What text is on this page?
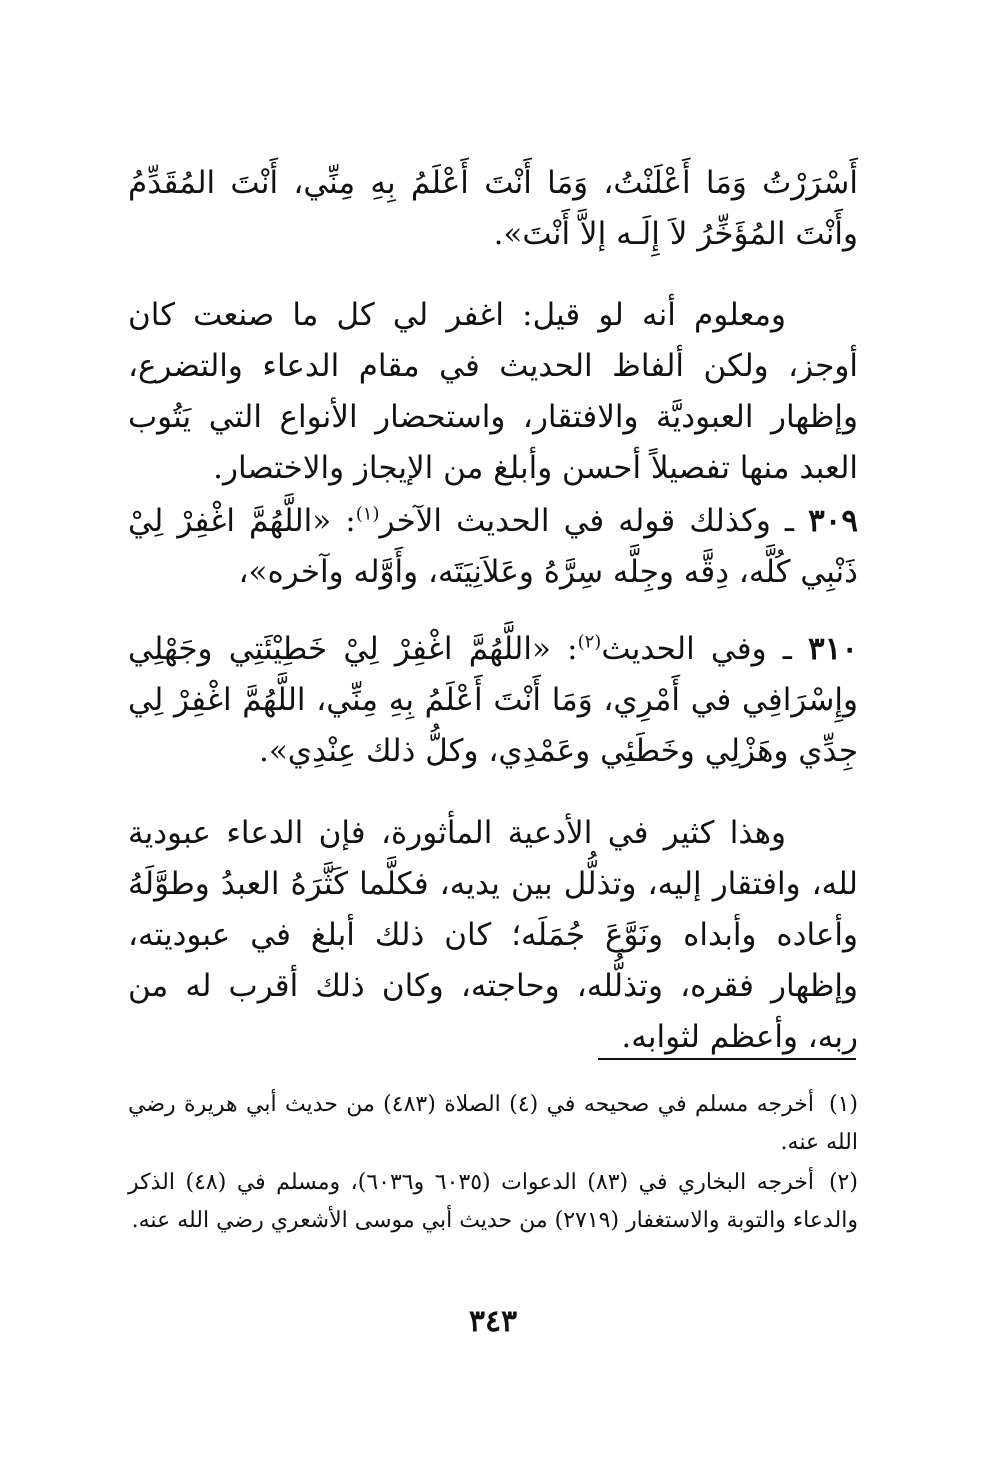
أَسْرَرْتُ وَمَا أَعْلَنْتُ، وَمَا أَنْتَ أَعْلَمُ بِهِ مِنِّي، أَنْتَ المُقَدِّمُ وأَنْتَ المُؤَخِّرُ لاَ إِلَـه إلاَّ أَنْتَ».

ومعلوم أنه لو قيل: اغفر لي كل ما صنعت كان أوجز، ولكن ألفاظ الحديث في مقام الدعاء والتضرع، وإظهار العبوديَّة والافتقار، واستحضار الأنواع التي يَتُوب العبد منها تفصيلاً أحسن وأبلغ من الإيجاز والاختصار.

٣٠٩ ـ وكذلك قوله في الحديث الآخر$^{(١)}$: «اللَّهُمَّ اغْفِرْ لِيْ ذَنْبِي كُلَّه، دِقَّه وجِلَّه سِرَّهُ وعَلاَنِيَتَه، وأَوَّله وآخره»،

٣١٠ ـ وفي الحديث$^{(٢)}$: «اللَّهُمَّ اغْفِرْ لِيْ خَطِيْئَتِي وجَهْلِي وإِسْرَافِي في أَمْرِي، وَمَا أَنْتَ أَعْلَمُ بِهِ مِنِّي، اللَّهُمَّ اغْفِرْ لِي جِدِّي وهَزْلِي وخَطَئِي وعَمْدِي، وكلُّ ذلك عِنْدِي».

وهذا كثير في الأدعية المأثورة، فإن الدعاء عبودية لله، وافتقار إليه، وتذلُّل بين يديه، فكلَّما كَثَّرَهُ العبدُ وطوَّلَهُ وأعاده وأبداه ونَوَّعَ جُمَلَه؛ كان ذلك أبلغ في عبوديته، وإظهار فقره، وتذلُّله، وحاجته، وكان ذلك أقرب له من ربه، وأعظم لثوابه.

(١)أخرجه مسلم في صحيحه في (٤) الصلاة (٤٨٣) من حديث أبي هريرة رضي الله عنه.
(٢)أخرجه البخاري في (٨٣) الدعوات (٦٠٣٥ و٦٠٣٦)، ومسلم في (٤٨) الذكر والدعاء والتوبة والاستغفار (٢٧١٩) من حديث أبي موسى الأشعري رضي الله عنه.
٣٤٣
